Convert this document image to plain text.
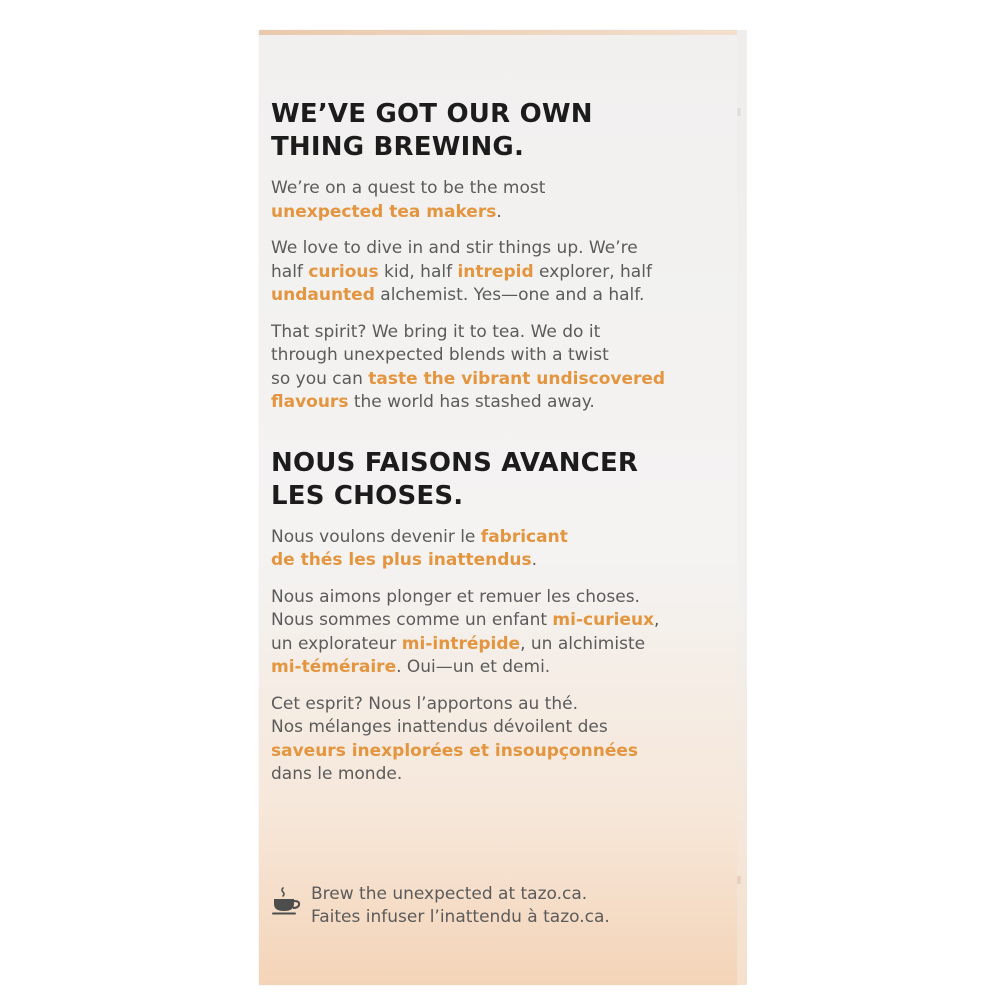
WE’VE GOT OUR OWN
THING BREWING.

We’re on a quest to be the most
unexpected tea makers.

We love to dive in and stir things up. We’re
half curious kid, half intrepid explorer, half
undaunted alchemist. Yes—one and a half.

That spirit? We bring it to tea. We do it
through unexpected blends with a twist
so you can taste the vibrant undiscovered
flavours the world has stashed away.

NOUS FAISONS AVANCER
LES CHOSES.

Nous voulons devenir le fabricant
de thés les plus inattendus.

Nous aimons plonger et remuer les choses.
Nous sommes comme un enfant mi-curieux,
un explorateur mi-intrépide, un alchimiste
mi-téméraire. Oui—un et demi.

Cet esprit? Nous l’apportons au thé.
Nos mélanges inattendus dévoilent des
saveurs inexplorées et insoupçonnées
dans le monde.

Brew the unexpected at tazo.ca.

Faites infuser l’inattendu à tazo.ca.
